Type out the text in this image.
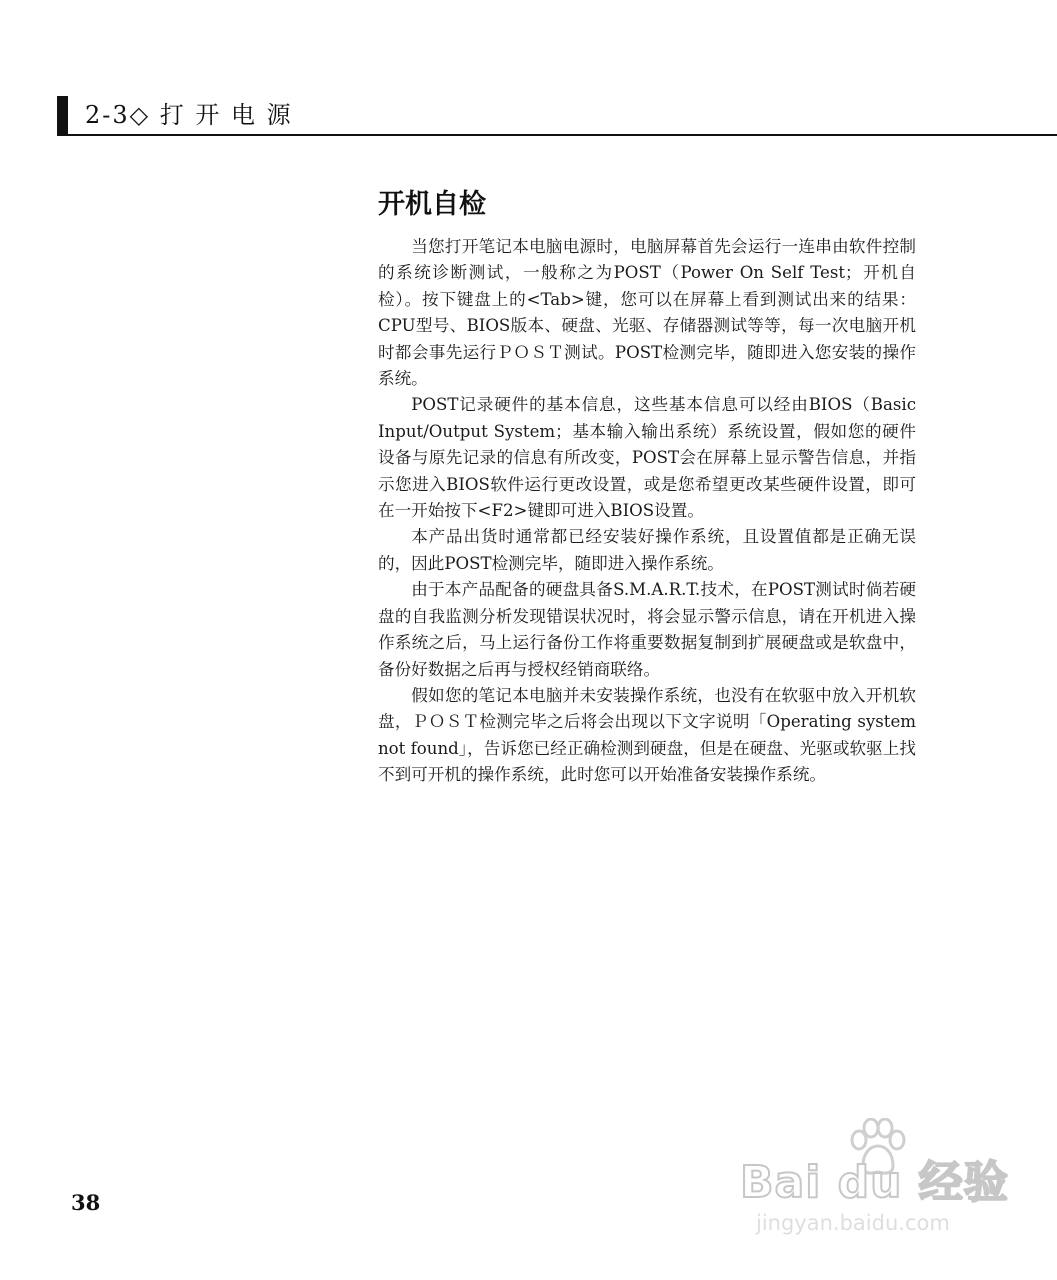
2-3◇ 打 开 电 源
开机自检

当您打开笔记本电脑电源时，电脑屏幕首先会运行一连串由软件控制的系统诊断测试，一般称之为POST（Power On Self Test；开机自检）。按下键盘上的<Tab>键，您可以在屏幕上看到测试出来的结果：CPU型号、BIOS版本、硬盘、光驱、存储器测试等等，每一次电脑开机时都会事先运行ＰＯＳＴ测试。POST检测完毕，随即进入您安装的操作系统。

POST记录硬件的基本信息，这些基本信息可以经由BIOS（Basic Input/Output System；基本输入输出系统）系统设置，假如您的硬件设备与原先记录的信息有所改变，POST会在屏幕上显示警告信息，并指示您进入BIOS软件运行更改设置，或是您希望更改某些硬件设置，即可在一开始按下<F2>键即可进入BIOS设置。

本产品出货时通常都已经安装好操作系统，且设置值都是正确无误的，因此POST检测完毕，随即进入操作系统。

由于本产品配备的硬盘具备S.M.A.R.T.技术，在POST测试时倘若硬盘的自我监测分析发现错误状况时，将会显示警示信息，请在开机进入操作系统之后，马上运行备份工作将重要数据复制到扩展硬盘或是软盘中，备份好数据之后再与授权经销商联络。

假如您的笔记本电脑并未安装操作系统，也没有在软驱中放入开机软盘，ＰＯＳＴ检测完毕之后将会出现以下文字说明「Operating system not found」，告诉您已经正确检测到硬盘，但是在硬盘、光驱或软驱上找不到可开机的操作系统，此时您可以开始准备安装操作系统。

38	Bai du 经验
jingyan.baidu.com
